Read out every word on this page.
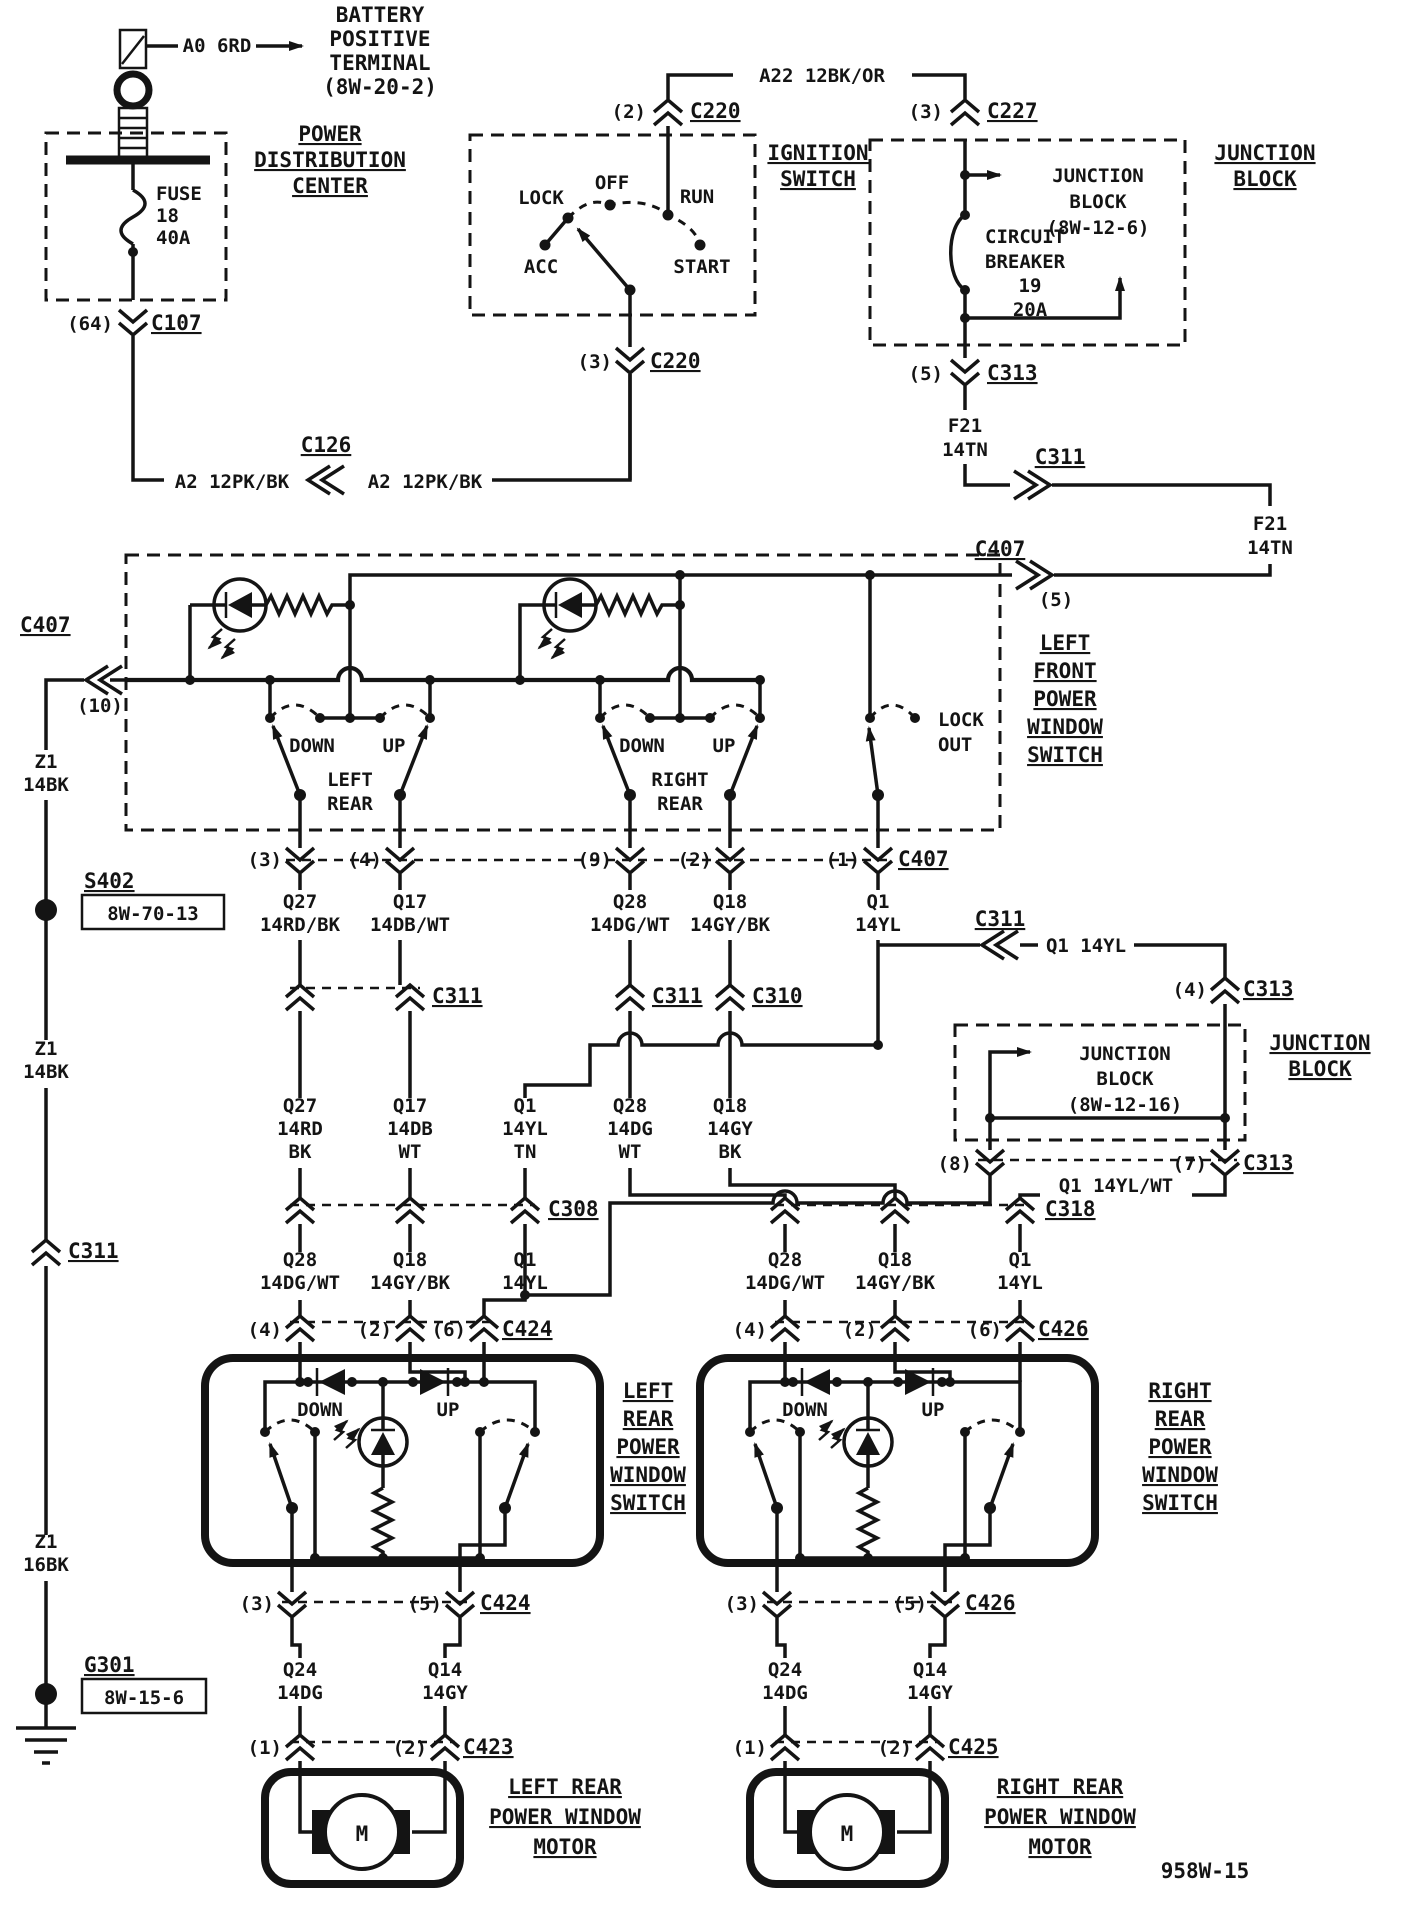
BATTERY
POSITIVE
TERMINAL
(8W-20-2)
A0 6RD
FUSE
18
40A
POWER
DISTRIBUTION
CENTER
(64) C107
C126
A2 12PK/BK	A2 12PK/BK
IGNITION
SWITCH
LOCK
OFF
RUN
ACC	START
A22 12BK/OR
(2) C220
(3) C220
(3) C227
JUNCTION
BLOCK
CIRCUIT
BREAKER
19
20A
JUNCTION
BLOCK
(8W-12-6)
(5) C313
F21
14TN C311
F21
14TN
C407
(5)
LEFT
FRONT
POWER
WINDOW
SWITCH
DOWN	UP
LEFT
REAR
DOWN	UP
RIGHT
REAR
LOCK
OUT
C407
(10)
Z1
14BK
S402
8W-70-13
Z1
14BK
C311
Z1
16BK
G301
8W-15-6
(3)	(4)	(9)	(2)	(1) C407
Q27
14RD/BK
Q17
14DB/WT
Q28
14DG/WT
Q18
14GY/BK
Q1
14YL
C311	C311 C310
C311
Q1 14YL
(4) C313
Q27
14RD
BK
Q17
14DB
WT
Q1
14YL
TN
Q28
14DG
WT
Q18
14GY
BK
C308	C318
Q28
14DG/WT
Q18
14GY/BK
Q1
14YL
Q28
14DG/WT
Q18
14GY/BK
Q1
14YL
JUNCTION
BLOCK
JUNCTION
BLOCK
(8W-12-16)
(8)	(7) C313
Q1 14YL/WT
(4)	(2) (6) C424	(4)	(2)	(6) C426
LEFT
REAR
POWER
WINDOW
SWITCH
DOWN	UP
(3)	(5) C424
Q24
14DG
Q14
14GY
(1)	(2) C423
M
LEFT REAR
POWER WINDOW
MOTOR
RIGHT
REAR
POWER
WINDOW
SWITCH
DOWN	UP
(3)	(5) C426
Q24
14DG
Q14
14GY
(1)	(2) C425
M
RIGHT REAR
POWER WINDOW
MOTOR
958W-15
